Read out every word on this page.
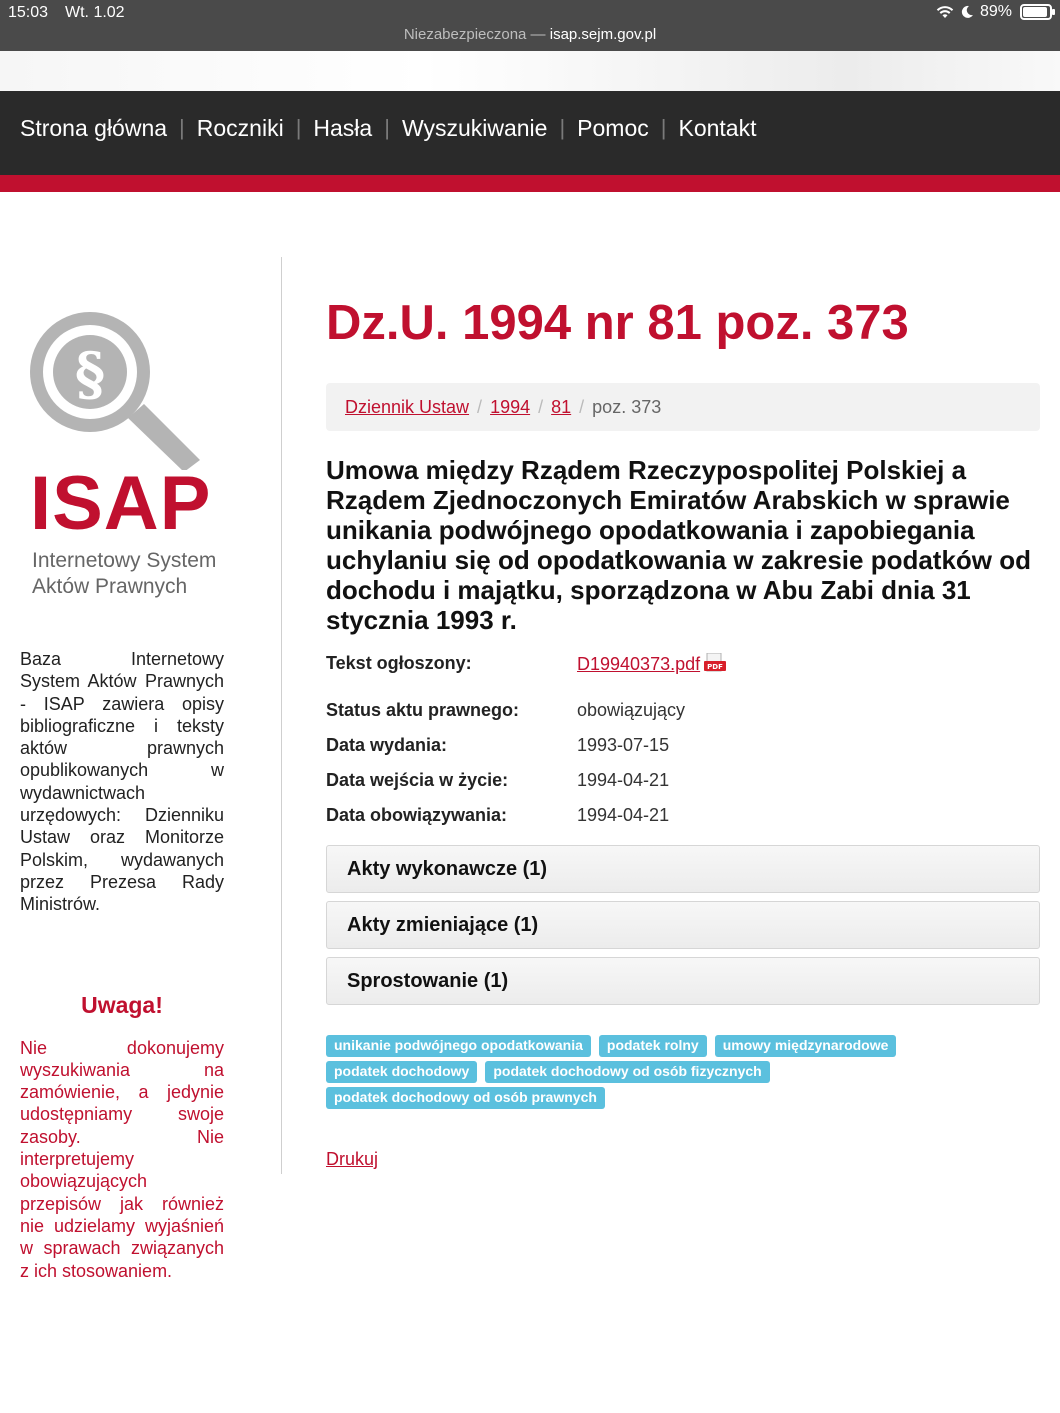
15:03 Wt. 1.02	89%
Niezabezpieczona — isap.sejm.gov.pl
Strona główna | Roczniki | Hasła | Wyszukiwanie | Pomoc | Kontakt
§
ISAP
Internetowy System
Aktów Prawnych

Baza Internetowy System Aktów Prawnych - ISAP zawiera opisy bibliograficzne i teksty aktów prawnych opublikowanych w wydawnictwach urzędowych: Dzienniku Ustaw oraz Monitorze Polskim, wydawanych przez Prezesa Rady Ministrów.

Uwaga!

Nie dokonujemy wyszukiwania na zamówienie, a jedynie udostępniamy swoje zasoby. Nie interpretujemy obowiązujących przepisów jak również nie udzielamy wyjaśnień w sprawach związanych z ich stosowaniem.

Dz.U. 1994 nr 81 poz. 373
Dziennik Ustaw / 1994 / 81 / poz. 373
Umowa między Rządem Rzeczypospolitej Polskiej a Rządem Zjednoczonych Emiratów Arabskich w sprawie unikania podwójnego opodatkowania i zapobiegania uchylaniu się od opodatkowania w zakresie podatków od dochodu i majątku, sporządzona w Abu Zabi dnia 31 stycznia 1993 r.
Tekst ogłoszony:	D19940373.pdf PDF
Status aktu prawnego:	obowiązujący
Data wydania:	1993-07-15
Data wejścia w życie:	1994-04-21
Data obowiązywania:	1994-04-21
Akty wykonawcze (1)
Akty zmieniające (1)
Sprostowanie (1)
unikanie podwójnego opodatkowania	podatek rolny	umowy międzynarodowe
podatek dochodowy	podatek dochodowy od osób fizycznych
podatek dochodowy od osób prawnych
Drukuj
